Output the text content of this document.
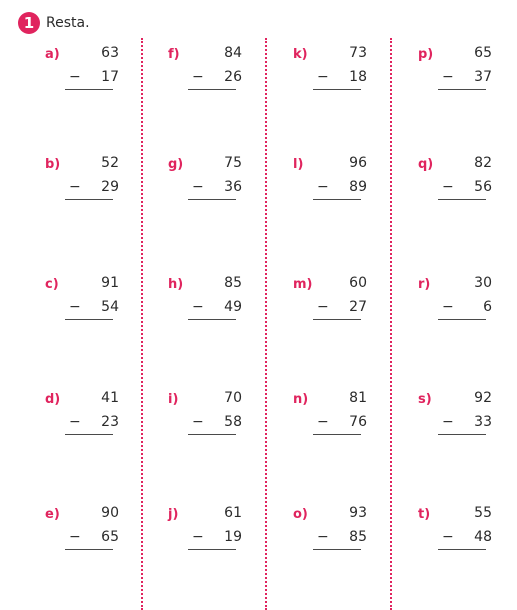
1 Resta.
a)	63
− 17
f)	84
− 26
k)	73
− 18
p)	65
− 37
b)	52
− 29
g)	75
− 36
l)	96
− 89
q)	82
− 56
c)	91
− 54
h)	85
− 49
m)	60
− 27
r)	30
− 6
d)	41
− 23
i)	70
− 58
n)	81
− 76
s)	92
− 33
e)	90
− 65
j)	61
− 19
o)	93
− 85
t)	55
− 48
